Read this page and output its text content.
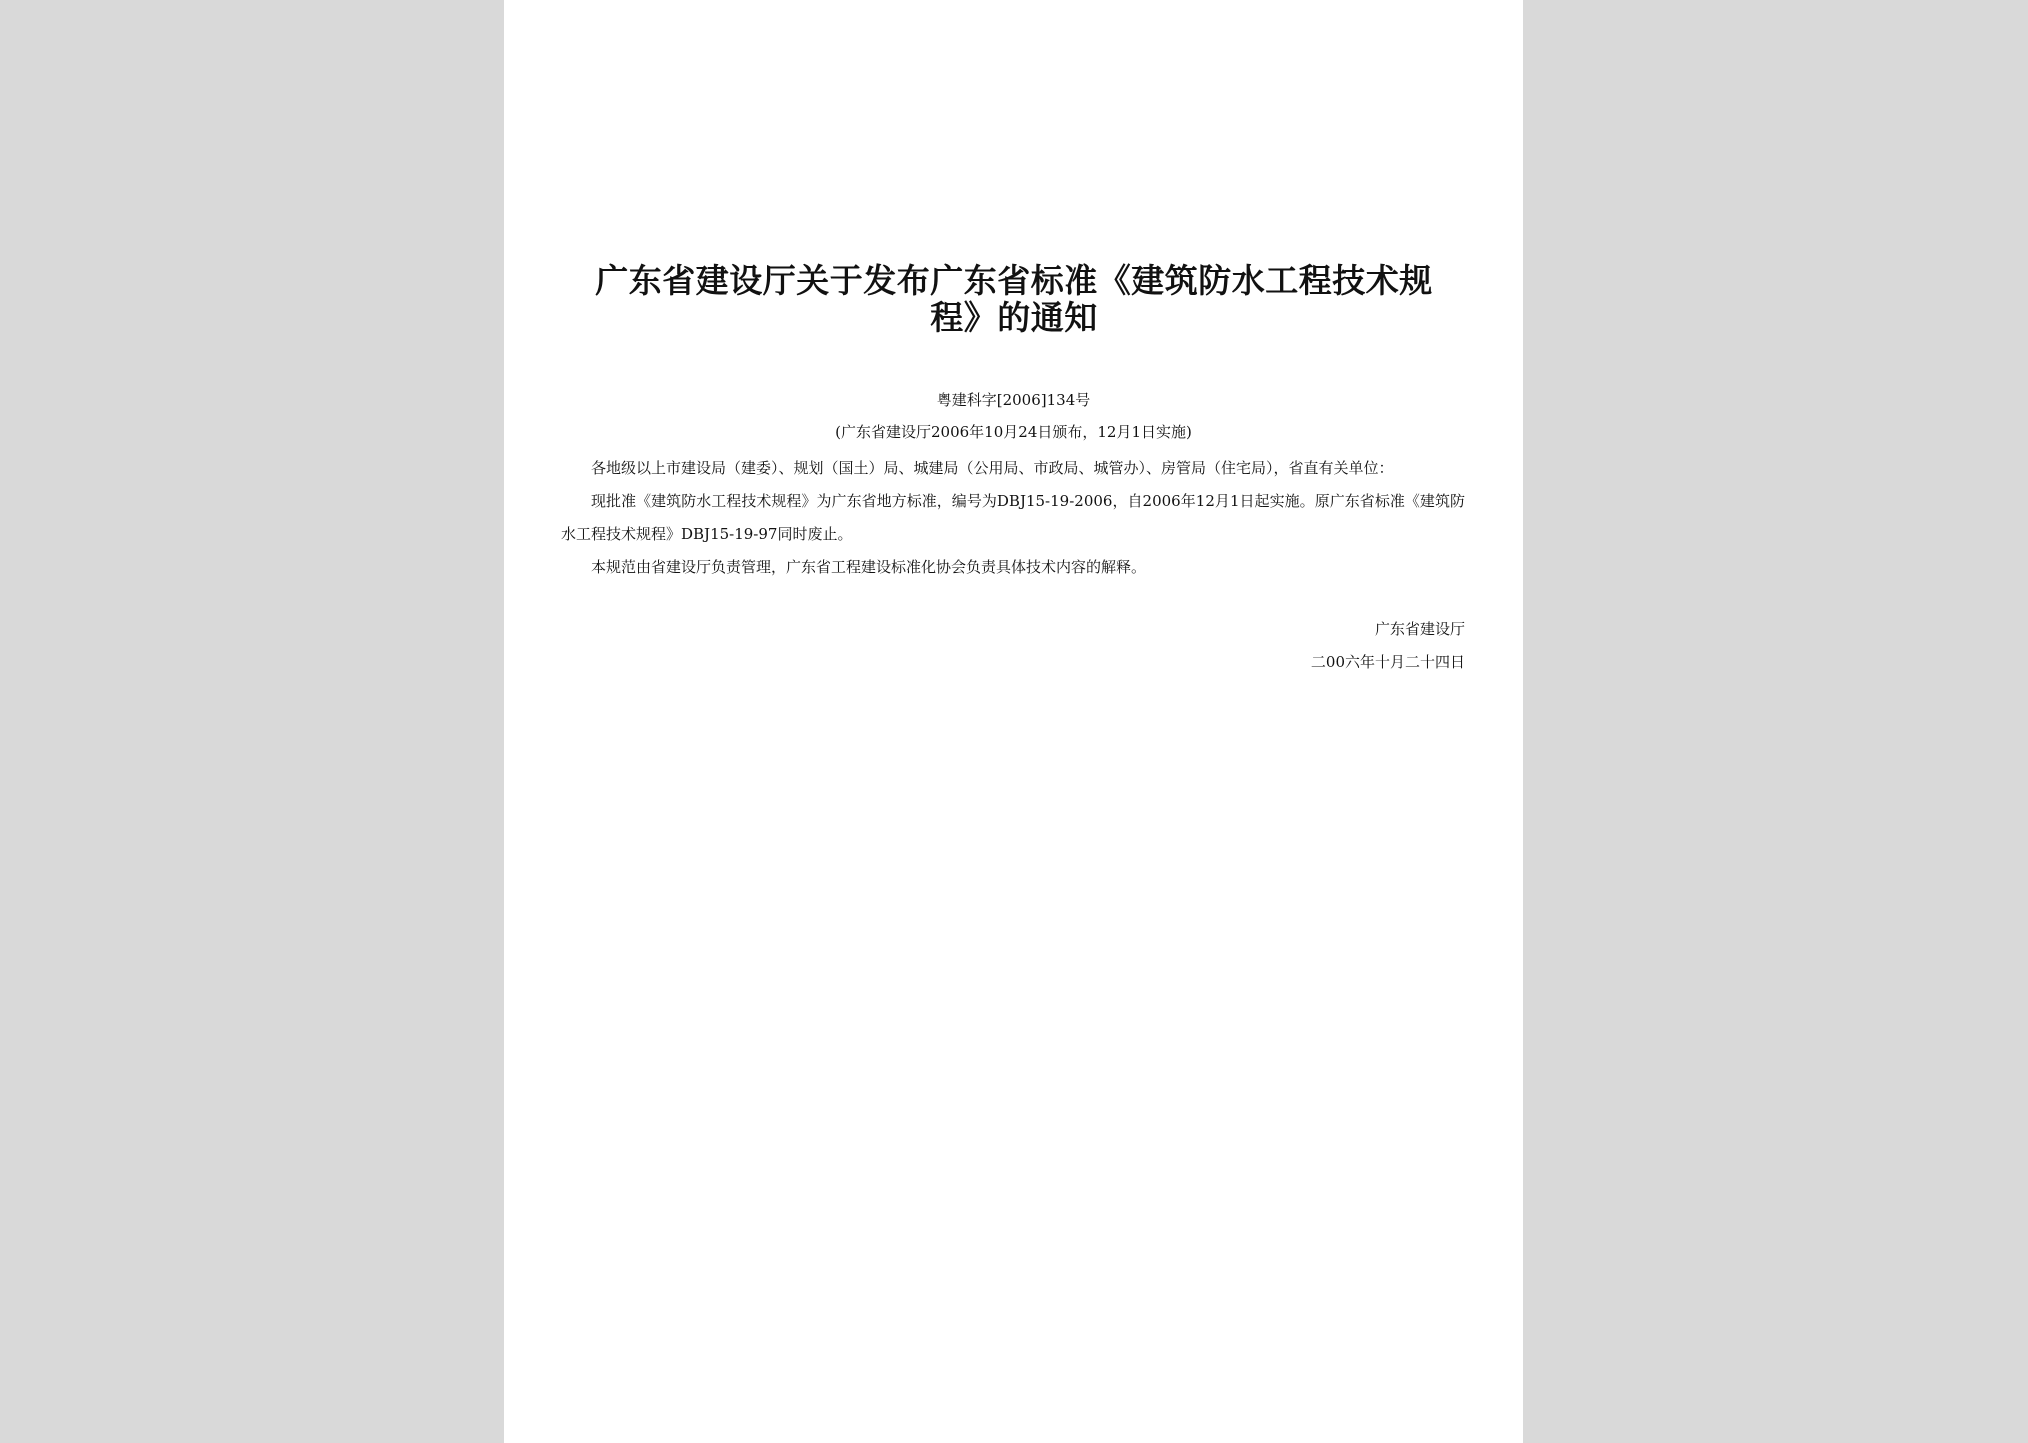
广东省建设厅关于发布广东省标准《建筑防水工程技术规程》的通知
粤建科字[2006]134号
(广东省建设厅2006年10月24日颁布，12月1日实施)

各地级以上市建设局（建委）、规划（国土）局、城建局（公用局、市政局、城管办）、房管局（住宅局），省直有关单位：

现批准《建筑防水工程技术规程》为广东省地方标准，编号为DBJ15-19-2006，自2006年12月1日起实施。原广东省标准《建筑防水工程技术规程》DBJ15-19-97同时废止。

本规范由省建设厅负责管理，广东省工程建设标准化协会负责具体技术内容的解释。

广东省建设厅
二00六年十月二十四日
